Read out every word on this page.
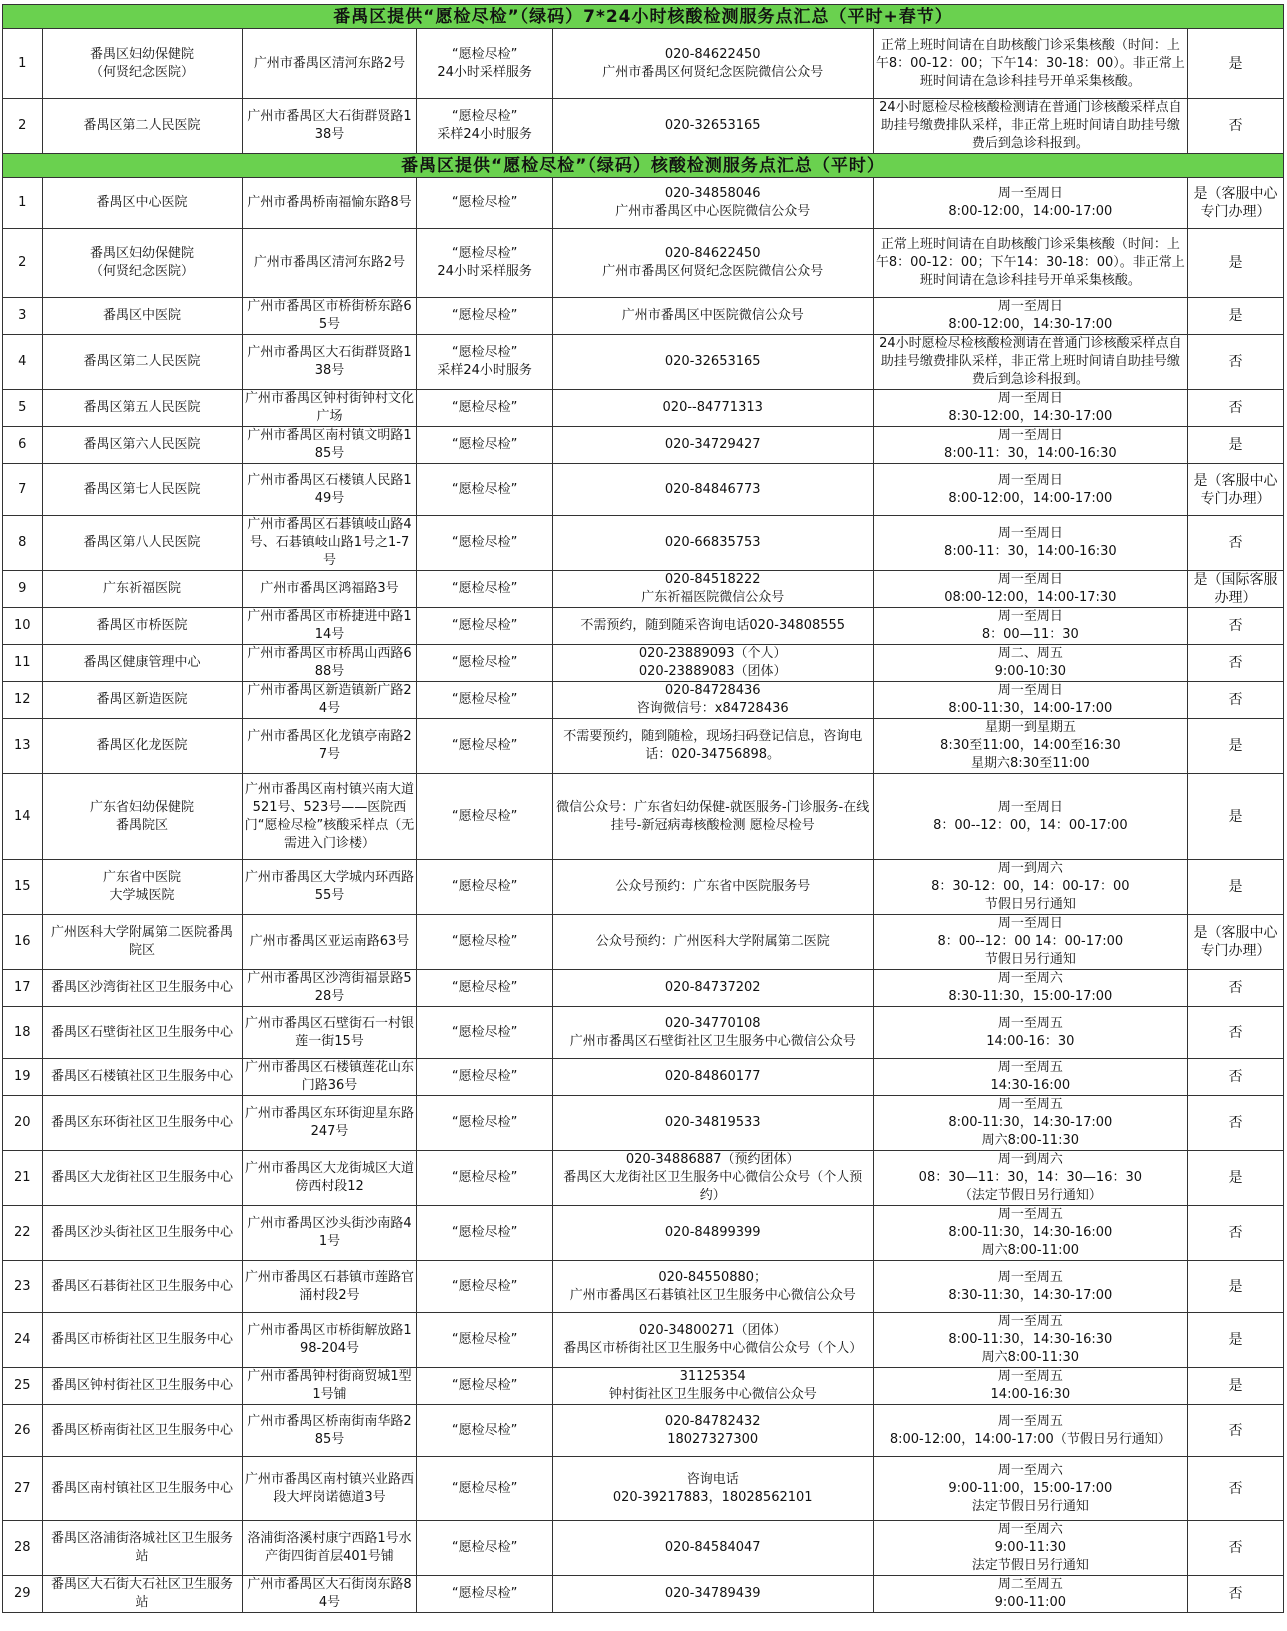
番禺区提供“愿检尽检”（绿码）7*24小时核酸检测服务点汇总（平时+春节）						
1	番禺区妇幼保健院
（何贤纪念医院）	广州市番禺区清河东路2号	“愿检尽检”
24小时采样服务	020-84622450
广州市番禺区何贤纪念医院微信公众号	正常上班时间请在自助核酸门诊采集核酸（时间：上午8：00-12：00；下午14：30-18：00）。非正常上班时间请在急诊科挂号开单采集核酸。	是
2	番禺区第二人民医院	广州市番禺区大石街群贤路138号	“愿检尽检”
采样24小时服务	020-32653165	24小时愿检尽检核酸检测请在普通门诊核酸采样点自助挂号缴费排队采样，非正常上班时间请自助挂号缴费后到急诊科报到。	否
番禺区提供“愿检尽检”（绿码）核酸检测服务点汇总（平时）						
1	番禺区中心医院	广州市番禺桥南福愉东路8号	“愿检尽检”	020-34858046
广州市番禺区中心医院微信公众号	周一至周日
8:00-12:00，14:00-17:00	是（客服中心专门办理）
2	番禺区妇幼保健院
（何贤纪念医院）	广州市番禺区清河东路2号	“愿检尽检”
24小时采样服务	020-84622450
广州市番禺区何贤纪念医院微信公众号	正常上班时间请在自助核酸门诊采集核酸（时间：上午8：00-12：00；下午14：30-18：00）。非正常上班时间请在急诊科挂号开单采集核酸。	是
3	番禺区中医院	广州市番禺区市桥街桥东路65号	“愿检尽检”	广州市番禺区中医院微信公众号	周一至周日
8:00-12:00，14:30-17:00	是
4	番禺区第二人民医院	广州市番禺区大石街群贤路138号	“愿检尽检”
采样24小时服务	020-32653165	24小时愿检尽检核酸检测请在普通门诊核酸采样点自助挂号缴费排队采样，非正常上班时间请自助挂号缴费后到急诊科报到。	否
5	番禺区第五人民医院	广州市番禺区钟村街钟村文化广场	“愿检尽检”	020--84771313	周一至周日
8:30-12:00，14:30-17:00	否
6	番禺区第六人民医院	广州市番禺区南村镇文明路185号	“愿检尽检”	020-34729427	周一至周日
8:00-11：30，14:00-16:30	是
7	番禺区第七人民医院	广州市番禺区石楼镇人民路149号	“愿检尽检”	020-84846773	周一至周日
8:00-12:00，14:00-17:00	是（客服中心专门办理）
8	番禺区第八人民医院	广州市番禺区石碁镇岐山路4号、石碁镇岐山路1号之1-7号	“愿检尽检”	020-66835753	周一至周日
8:00-11：30，14:00-16:30	否
9	广东祈福医院	广州市番禺区鸿福路3号	“愿检尽检”	020-84518222
广东祈福医院微信公众号	周一至周日
08:00-12:00，14:00-17:30	是（国际客服办理）
10	番禺区市桥医院	广州市番禺区市桥捷进中路114号	“愿检尽检”	不需预约，随到随采咨询电话020-34808555	周一至周日
8：00—11：30	否
11	番禺区健康管理中心	广州市番禺区市桥禺山西路688号	“愿检尽检”	020-23889093（个人）
020-23889083（团体）	周二、周五
9:00-10:30	否
12	番禺区新造医院	广州市番禺区新造镇新广路24号	“愿检尽检”	020-84728436
咨询微信号：x84728436	周一至周日
8:00-11:30，14:00-17:00	否
13	番禺区化龙医院	广州市番禺区化龙镇亭南路27号	“愿检尽检”	不需要预约，随到随检，现场扫码登记信息，咨询电话：020-34756898。	星期一到星期五
8:30至11:00，14:00至16:30
星期六8:30至11:00	是
14	广东省妇幼保健院
番禺院区	广州市番禺区南村镇兴南大道521号、523号——医院西门“愿检尽检”核酸采样点（无需进入门诊楼）	“愿检尽检”	微信公众号：广东省妇幼保健-就医服务-门诊服务-在线挂号-新冠病毒核酸检测 愿检尽检号	周一至周日
8：00--12：00，14：00-17:00	是
15	广东省中医院
大学城医院	广州市番禺区大学城内环西路55号	“愿检尽检”	公众号预约：广东省中医院服务号	周一到周六
8：30-12：00，14：00-17：00
节假日另行通知	是
16	广州医科大学附属第二医院番禺院区	广州市番禺区亚运南路63号	“愿检尽检”	公众号预约：广州医科大学附属第二医院	周一至周日
8：00--12：00 14：00-17:00
节假日另行通知	是（客服中心专门办理）
17	番禺区沙湾街社区卫生服务中心	广州市番禺区沙湾街福景路528号	“愿检尽检”	020-84737202	周一至周六
8:30-11:30，15:00-17:00	否
18	番禺区石壁街社区卫生服务中心	广州市番禺区石壁街石一村银莲一街15号	“愿检尽检”	020-34770108
广州市番禺区石壁街社区卫生服务中心微信公众号	周一至周五
14:00-16：30	否
19	番禺区石楼镇社区卫生服务中心	广州市番禺区石楼镇莲花山东门路36号	“愿检尽检”	020-84860177	周一至周五
14:30-16:00	否
20	番禺区东环街社区卫生服务中心	广州市番禺区东环街迎星东路247号	“愿检尽检”	020-34819533	周一至周五
8:00-11:30，14:30-17:00
周六8:00-11:30	否
21	番禺区大龙街社区卫生服务中心	广州市番禺区大龙街城区大道傍西村段12	“愿检尽检”	020-34886887（预约团体）
番禺区大龙街社区卫生服务中心微信公众号（个人预约）	周一到周六
08：30—11：30，14：30—16：30
（法定节假日另行通知）	是
22	番禺区沙头街社区卫生服务中心	广州市番禺区沙头街沙南路41号	“愿检尽检”	020-84899399	周一至周五
8:00-11:30，14:30-16:00
周六8:00-11:00	否
23	番禺区石碁街社区卫生服务中心	广州市番禺区石碁镇市莲路官涌村段2号	“愿检尽检”	020-84550880；
广州市番禺区石碁镇社区卫生服务中心微信公众号	周一至周五
8:30-11:30，14:30-17:00	是
24	番禺区市桥街社区卫生服务中心	广州市番禺区市桥街解放路198-204号	“愿检尽检”	020-34800271（团体）
番禺区市桥街社区卫生服务中心微信公众号（个人）	周一至周五
8:00-11:30，14:30-16:30
周六8:00-11:30	是
25	番禺区钟村街社区卫生服务中心	广州市番禺钟村街商贸城1型1号铺	“愿检尽检”	31125354
钟村街社区卫生服务中心微信公众号	周一至周五
14:00-16:30	是
26	番禺区桥南街社区卫生服务中心	广州市番禺区桥南街南华路285号	“愿检尽检”	020-84782432
18027327300	周一至周五
8:00-12:00，14:00-17:00（节假日另行通知）	否
27	番禺区南村镇社区卫生服务中心	广州市番禺区南村镇兴业路西段大坪岗诺德道3号	“愿检尽检”	咨询电话
020-39217883，18028562101	周一至周六
9:00-11:00，15:00-17:00
法定节假日另行通知	否
28	番禺区洛浦街洛城社区卫生服务站	洛浦街洛溪村康宁西路1号水产街四街首层401号铺	“愿检尽检”	020-84584047	周一至周六
9:00-11:30
法定节假日另行通知	否
29	番禺区大石街大石社区卫生服务站	广州市番禺区大石街岗东路84号	“愿检尽检”	020-34789439	周二至周五
9:00-11:00	否
